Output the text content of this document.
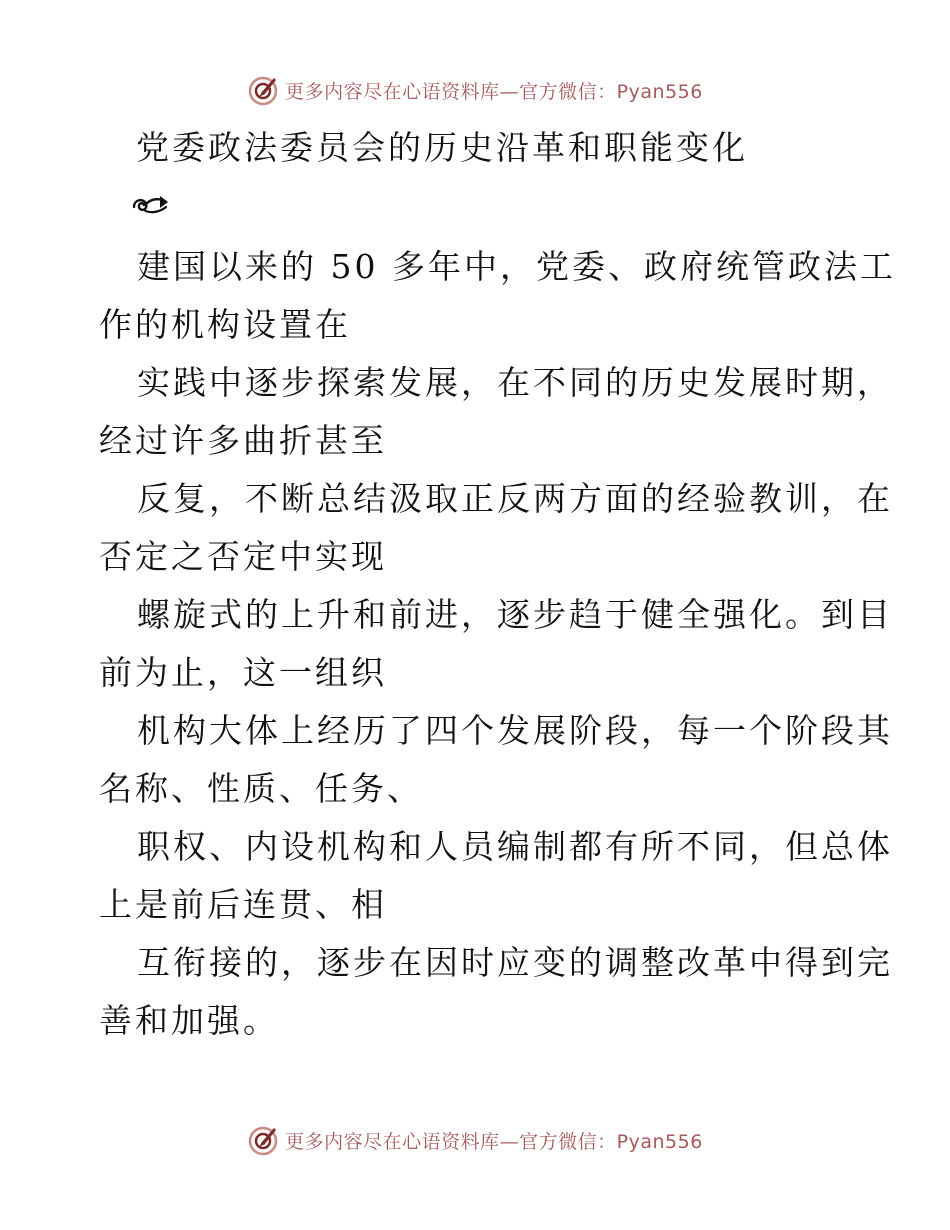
更多内容尽在心语资料库—官方微信：Pyan556
党委政法委员会的历史沿革和职能变化
建国以来的 50 多年中，党委、政府统管政法工
作的机构设置在
实践中逐步探索发展，在不同的历史发展时期，
经过许多曲折甚至
反复，不断总结汲取正反两方面的经验教训，在
否定之否定中实现
螺旋式的上升和前进，逐步趋于健全强化。到目
前为止，这一组织
机构大体上经历了四个发展阶段，每一个阶段其
名称、性质、任务、
职权、内设机构和人员编制都有所不同，但总体
上是前后连贯、相
互衔接的，逐步在因时应变的调整改革中得到完
善和加强。
更多内容尽在心语资料库—官方微信：Pyan556
